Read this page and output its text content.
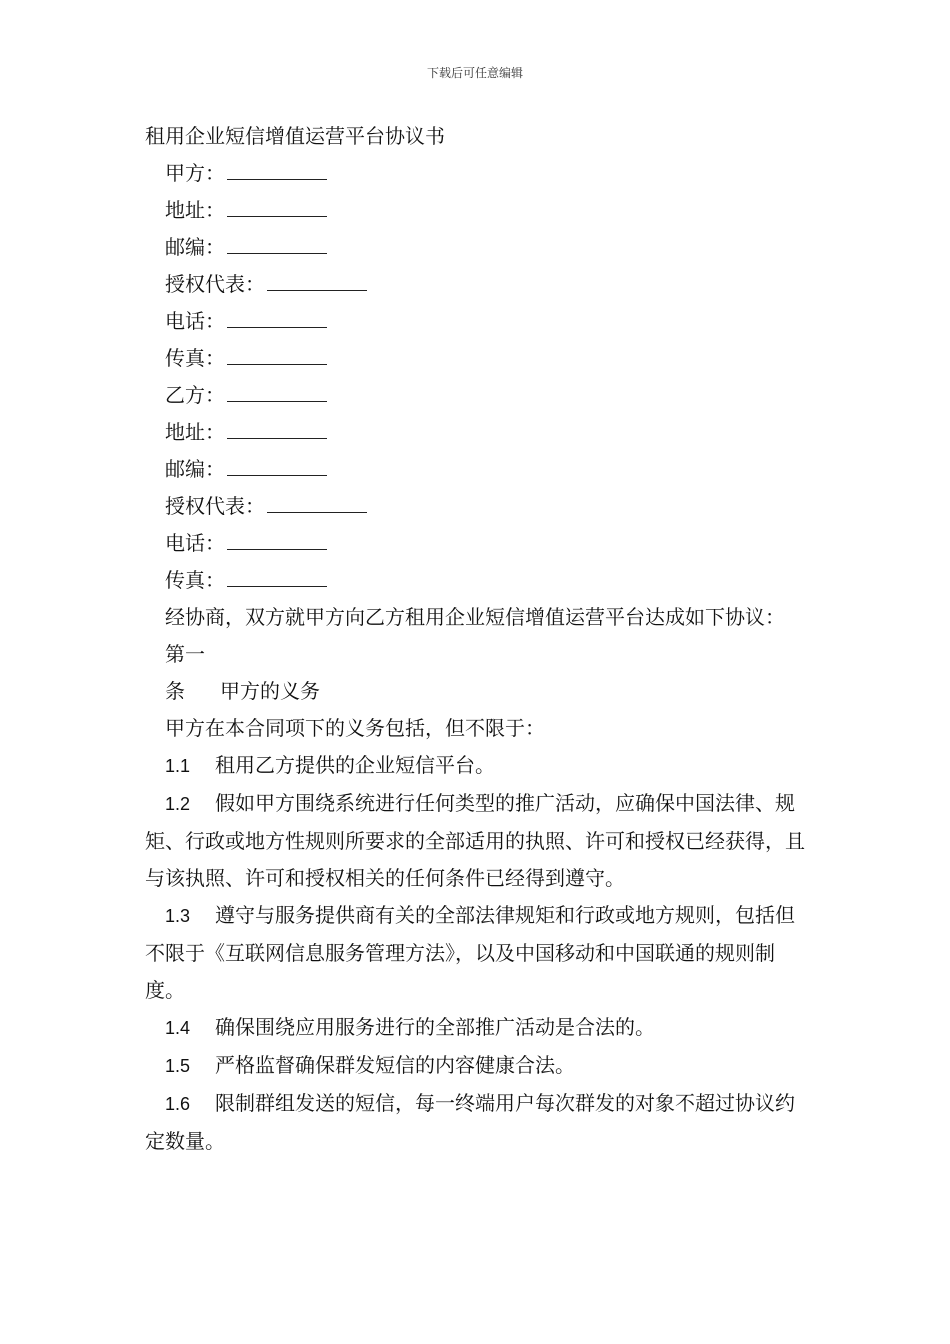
下载后可任意编辑
租用企业短信增值运营平台协议书
甲方：
地址：
邮编：
授权代表：
电话：
传真：
乙方：
地址：
邮编：
授权代表：
电话：
传真：

经协商，双方就甲方向乙方租用企业短信增值运营平台达成如下协议：

第一条 甲方的义务

甲方在本合同项下的义务包括，但不限于：

1.1 租用乙方提供的企业短信平台。

1.2 假如甲方围绕系统进行任何类型的推广活动，应确保中国法律、规矩、行政或地方性规则所要求的全部适用的执照、许可和授权已经获得，且与该执照、许可和授权相关的任何条件已经得到遵守。

1.3 遵守与服务提供商有关的全部法律规矩和行政或地方规则，包括但不限于《互联网信息服务管理方法》，以及中国移动和中国联通的规则制度。

1.4 确保围绕应用服务进行的全部推广活动是合法的。

1.5 严格监督确保群发短信的内容健康合法。

1.6 限制群组发送的短信，每一终端用户每次群发的对象不超过协议约定数量。
